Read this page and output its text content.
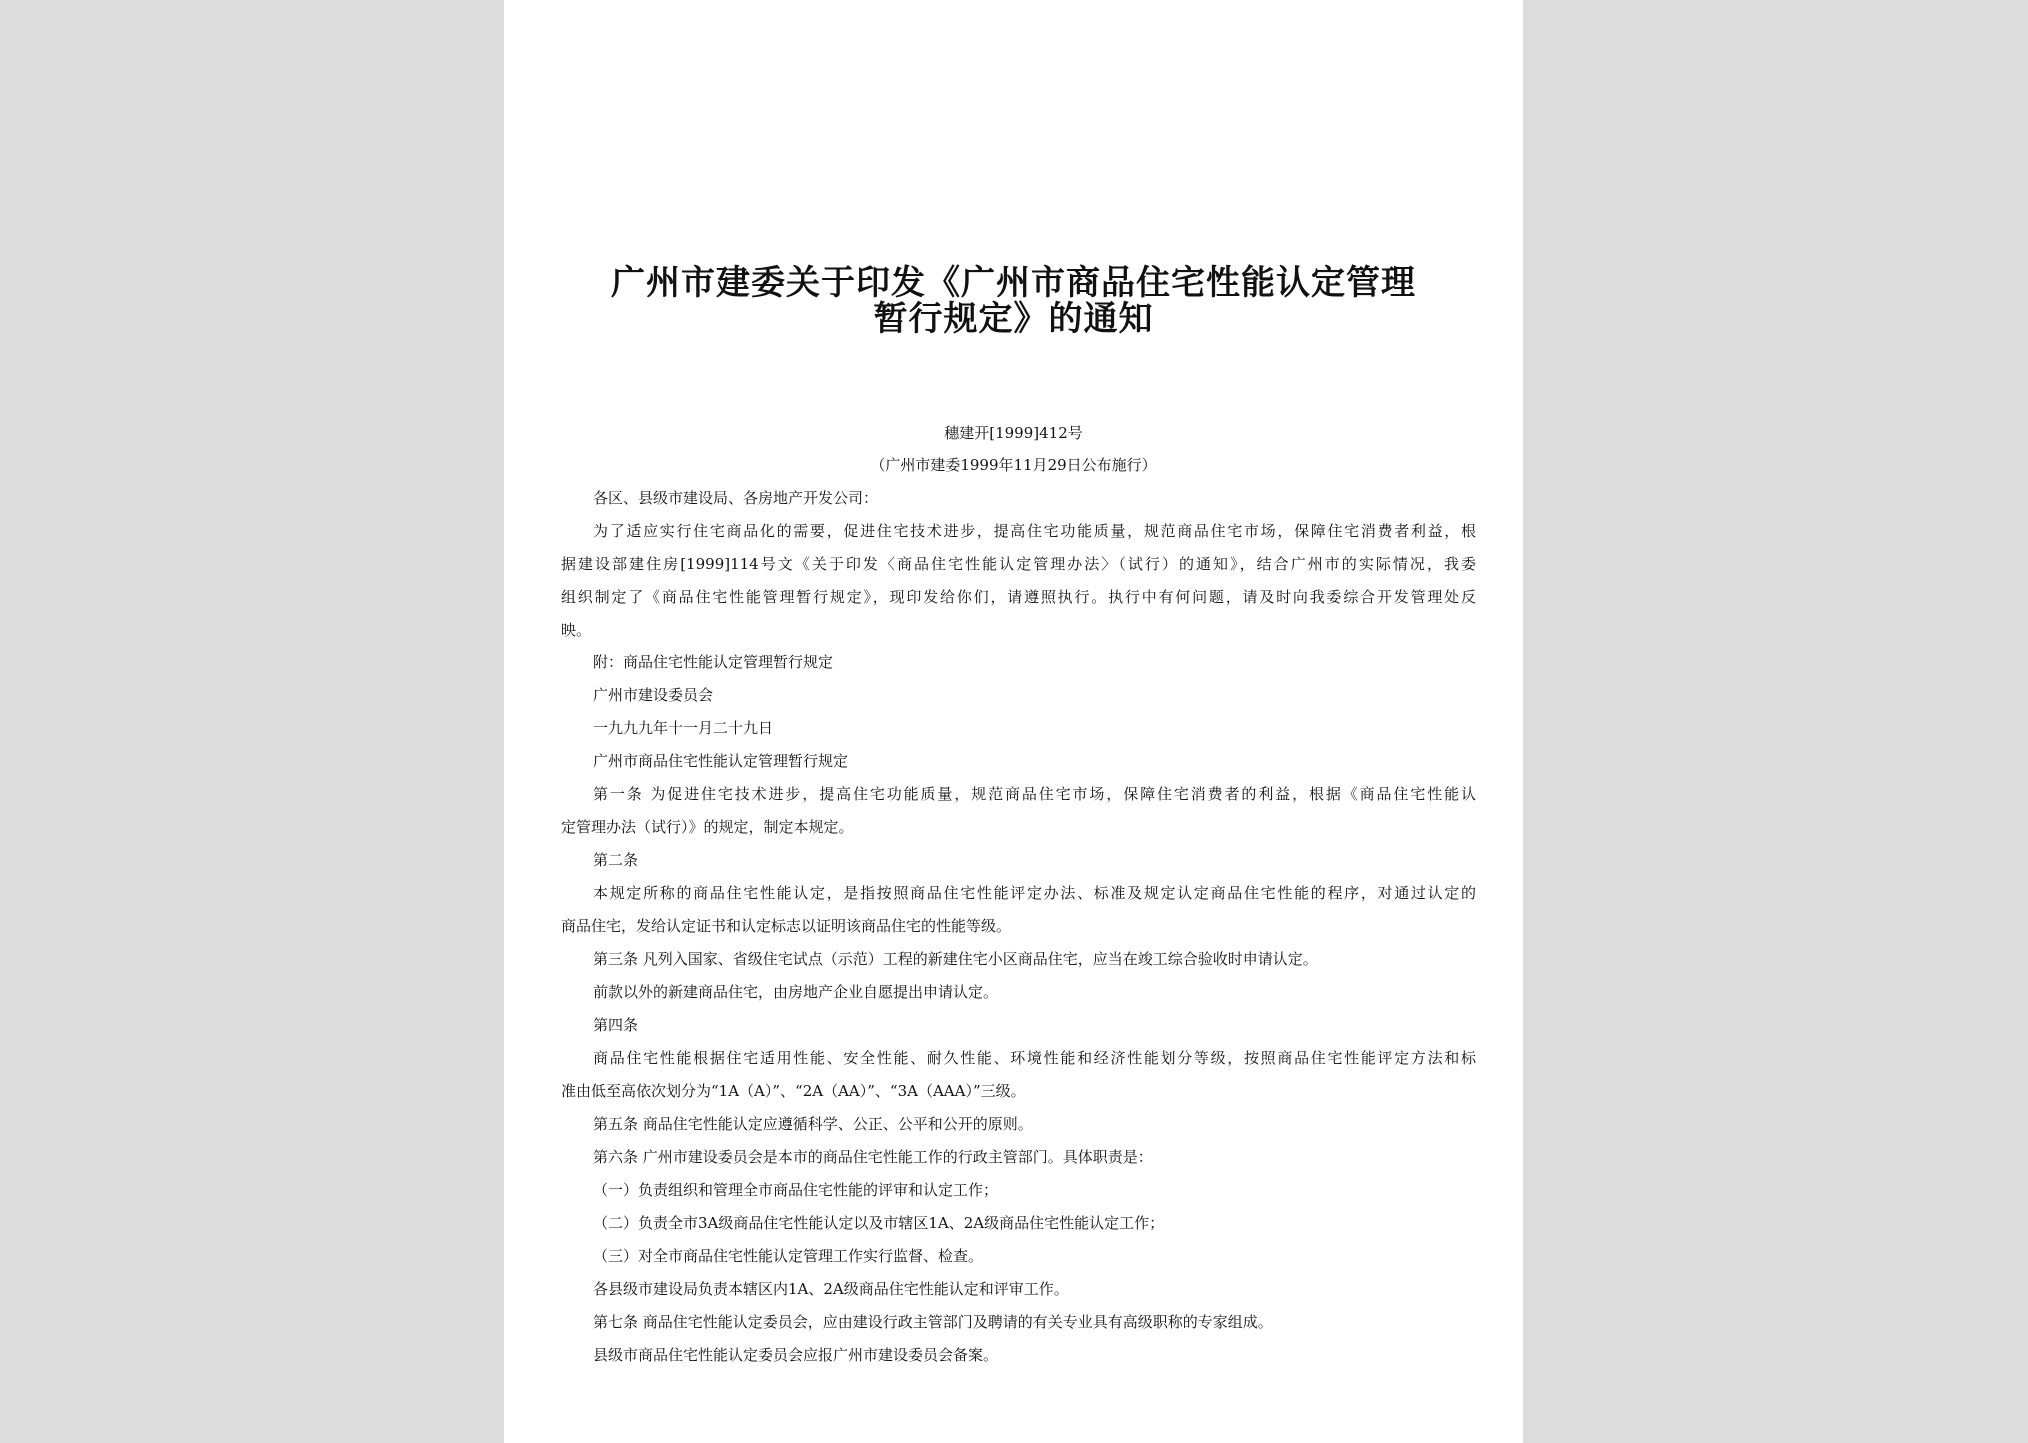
广州市建委关于印发《广州市商品住宅性能认定管理
暂行规定》的通知

穗建开[1999]412号

（广州市建委1999年11月29日公布施行）

各区、县级市建设局、各房地产开发公司：

为了适应实行住宅商品化的需要，促进住宅技术进步，提高住宅功能质量，规范商品住宅市场，保障住宅消费者利益，根

据建设部建住房[1999]114号文《关于印发〈商品住宅性能认定管理办法〉（试行）的通知》，结合广州市的实际情况，我委

组织制定了《商品住宅性能管理暂行规定》，现印发给你们，请遵照执行。执行中有何问题，请及时向我委综合开发管理处反

映。

附：商品住宅性能认定管理暂行规定

广州市建设委员会

一九九九年十一月二十九日

广州市商品住宅性能认定管理暂行规定

第一条 为促进住宅技术进步，提高住宅功能质量，规范商品住宅市场，保障住宅消费者的利益，根据《商品住宅性能认

定管理办法（试行）》的规定，制定本规定。

第二条

本规定所称的商品住宅性能认定，是指按照商品住宅性能评定办法、标准及规定认定商品住宅性能的程序，对通过认定的

商品住宅，发给认定证书和认定标志以证明该商品住宅的性能等级。

第三条 凡列入国家、省级住宅试点（示范）工程的新建住宅小区商品住宅，应当在竣工综合验收时申请认定。

前款以外的新建商品住宅，由房地产企业自愿提出申请认定。

第四条

商品住宅性能根据住宅适用性能、安全性能、耐久性能、环境性能和经济性能划分等级，按照商品住宅性能评定方法和标

准由低至高依次划分为“1A（A）”、“2A（AA）”、“3A（AAA）”三级。

第五条 商品住宅性能认定应遵循科学、公正、公平和公开的原则。

第六条 广州市建设委员会是本市的商品住宅性能工作的行政主管部门。具体职责是：

（一）负责组织和管理全市商品住宅性能的评审和认定工作；

（二）负责全市3A级商品住宅性能认定以及市辖区1A、2A级商品住宅性能认定工作；

（三）对全市商品住宅性能认定管理工作实行监督、检查。

各县级市建设局负责本辖区内1A、2A级商品住宅性能认定和评审工作。

第七条 商品住宅性能认定委员会，应由建设行政主管部门及聘请的有关专业具有高级职称的专家组成。

县级市商品住宅性能认定委员会应报广州市建设委员会备案。
